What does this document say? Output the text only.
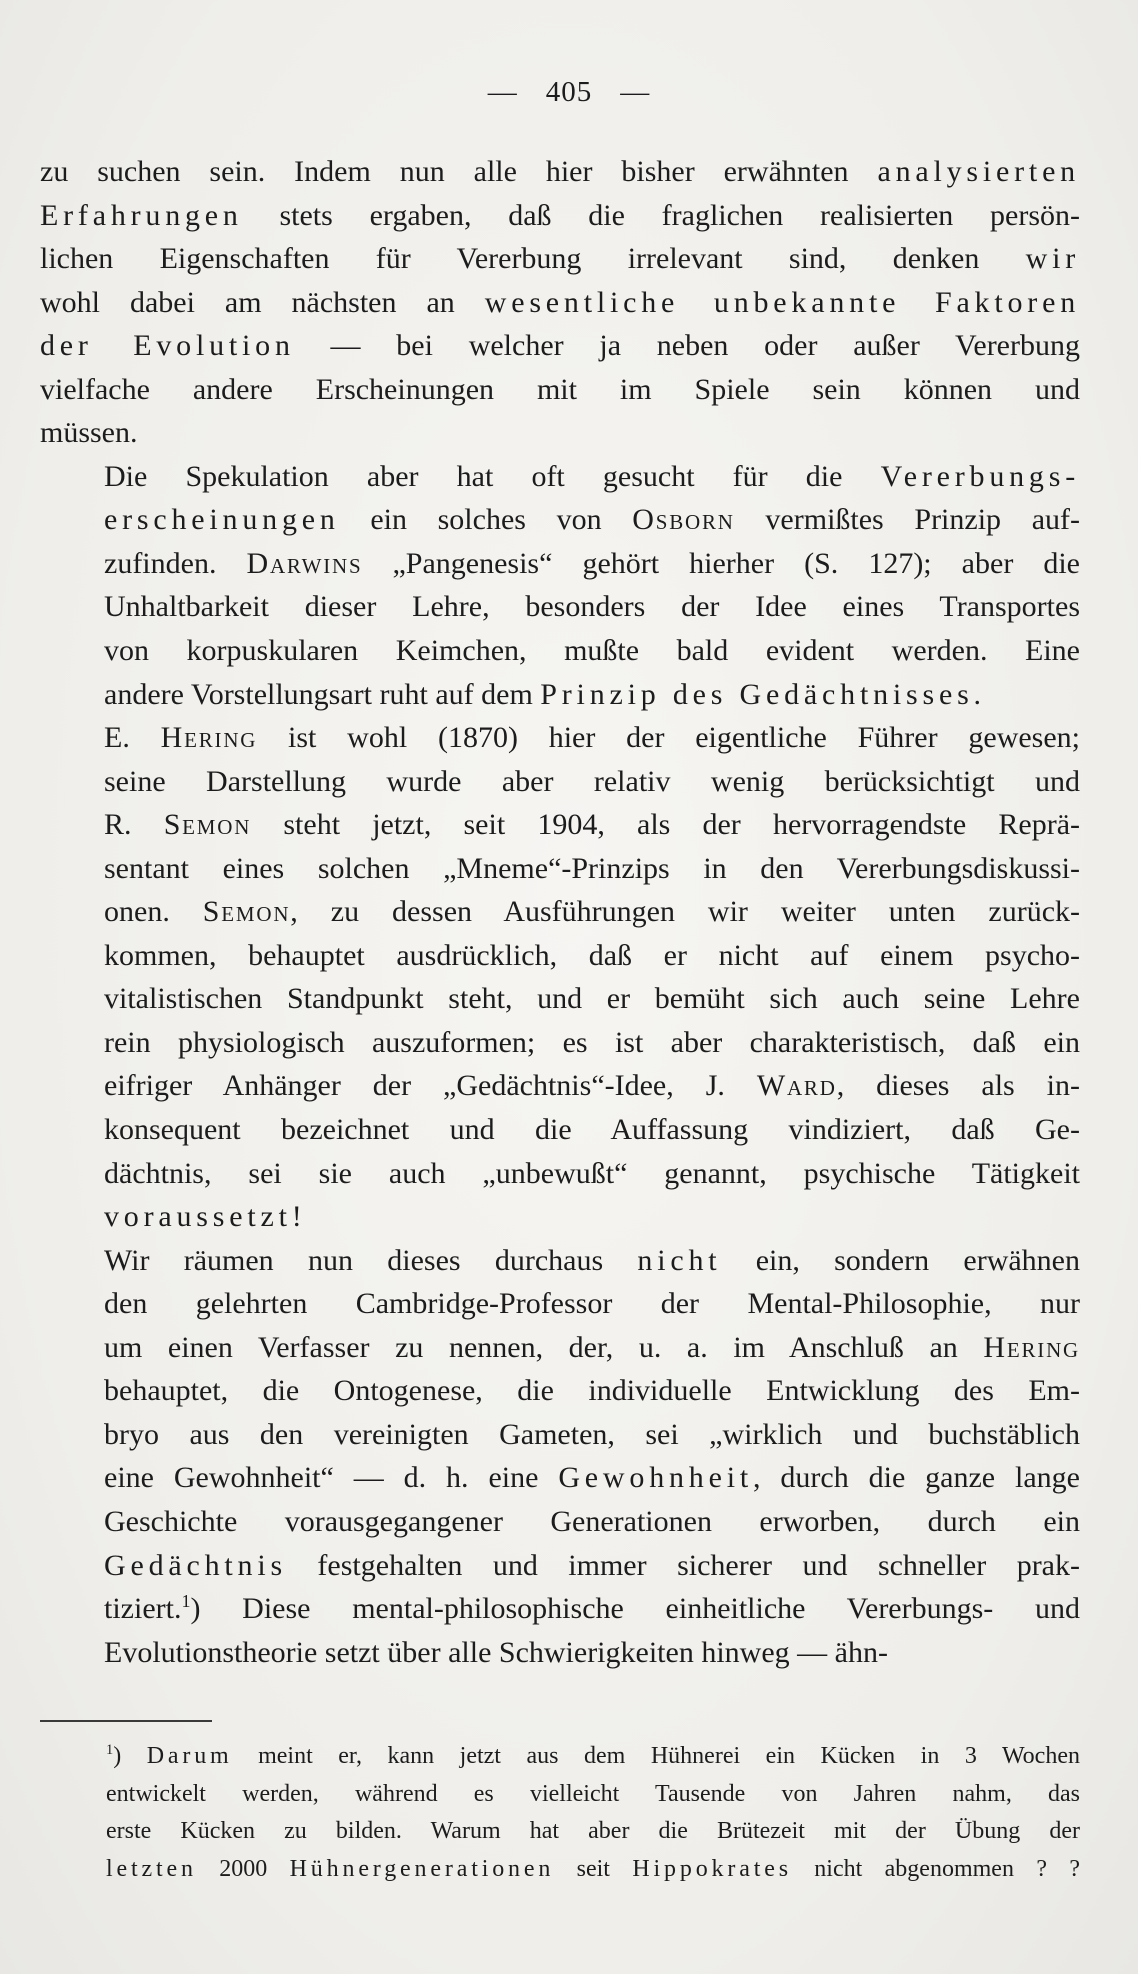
— 405 —

zu suchen sein. Indem nun alle hier bisher erwähnten analysierten
Erfahrungen stets ergaben, daß die fraglichen realisierten persön-
lichen Eigenschaften für Vererbung irrelevant sind, denken wir
wohl dabei am nächsten an wesentliche unbekannte Faktoren
der Evolution — bei welcher ja neben oder außer Vererbung
vielfache andere Erscheinungen mit im Spiele sein können und
müssen.

Die Spekulation aber hat oft gesucht für die Vererbungs-
erscheinungen ein solches von Osborn vermißtes Prinzip auf-
zufinden. Darwins „Pangenesis“ gehört hierher (S. 127); aber die
Unhaltbarkeit dieser Lehre, besonders der Idee eines Transportes
von korpuskularen Keimchen, mußte bald evident werden. Eine
andere Vorstellungsart ruht auf dem Prinzip des Gedächtnisses.

E. Hering ist wohl (1870) hier der eigentliche Führer gewesen;
seine Darstellung wurde aber relativ wenig berücksichtigt und
R. Semon steht jetzt, seit 1904, als der hervorragendste Reprä-
sentant eines solchen „Mneme“-Prinzips in den Vererbungsdiskussi-
onen. Semon, zu dessen Ausführungen wir weiter unten zurück-
kommen, behauptet ausdrücklich, daß er nicht auf einem psycho-
vitalistischen Standpunkt steht, und er bemüht sich auch seine Lehre
rein physiologisch auszuformen; es ist aber charakteristisch, daß ein
eifriger Anhänger der „Gedächtnis“-Idee, J. Ward, dieses als in-
konsequent bezeichnet und die Auffassung vindiziert, daß Ge-
dächtnis, sei sie auch „unbewußt“ genannt, psychische Tätigkeit
voraussetzt!

Wir räumen nun dieses durchaus nicht ein, sondern erwähnen
den gelehrten Cambridge-Professor der Mental-Philosophie, nur
um einen Verfasser zu nennen, der, u. a. im Anschluß an Hering
behauptet, die Ontogenese, die individuelle Entwicklung des Em-
bryo aus den vereinigten Gameten, sei „wirklich und buchstäblich
eine Gewohnheit“ — d. h. eine Gewohnheit, durch die ganze lange
Geschichte vorausgegangener Generationen erworben, durch ein
Gedächtnis festgehalten und immer sicherer und schneller prak-
tiziert.$^1$) Diese mental-philosophische einheitliche Vererbungs- und
Evolutionstheorie setzt über alle Schwierigkeiten hinweg — ähn-

$^1$) Darum meint er, kann jetzt aus dem Hühnerei ein Kücken in 3 Wochen
entwickelt werden, während es vielleicht Tausende von Jahren nahm, das
erste Kücken zu bilden. Warum hat aber die Brütezeit mit der Übung der
letzten 2000 Hühnergenerationen seit Hippokrates nicht abgenommen ? ?
